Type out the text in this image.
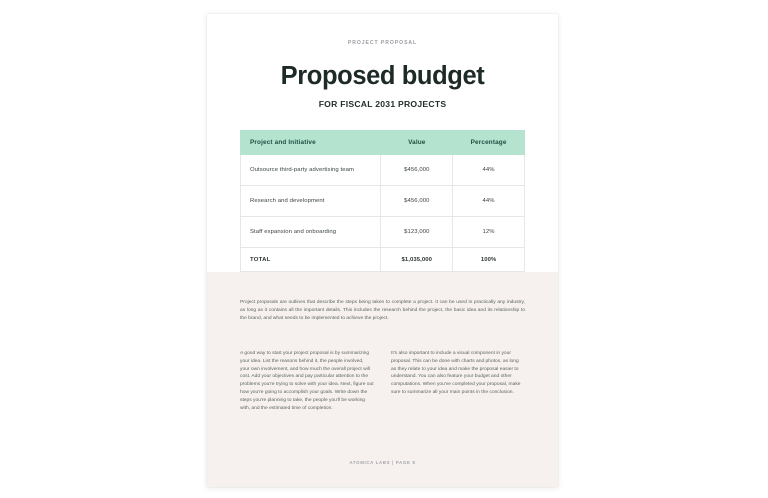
PROJECT PROPOSAL
Proposed budget
FOR FISCAL 2031 PROJECTS
Project and Initiative	Value	Percentage
Outsource third-party advertising team	$456,000	44%
Research and development	$456,000	44%
Staff expansion and onboarding	$123,000	12%
TOTAL	$1,035,000	100%

Project proposals are outlines that describe the steps being taken to complete a project. It can be used in practically any industry, as long as it contains all the important details. This includes the research behind the project, the basic idea and its relationship to the brand, and what needs to be implemented to achieve the project.

A good way to start your project proposal is by summarizing your idea. List the reasons behind it, the people involved, your own involvement, and how much the overall project will cost. Add your objectives and pay particular attention to the problems you're trying to solve with your idea. Next, figure out how you're going to accomplish your goals. Write down the steps you're planning to take, the people you'll be working with, and the estimated time of completion.

It's also important to include a visual component in your proposal. This can be done with charts and photos, as long as they relate to your idea and make the proposal easier to understand. You can also feature your budget and other computations. When you've completed your proposal, make sure to summarize all your main points in the conclusion.

ATOMICA LABS | PAGE 8
